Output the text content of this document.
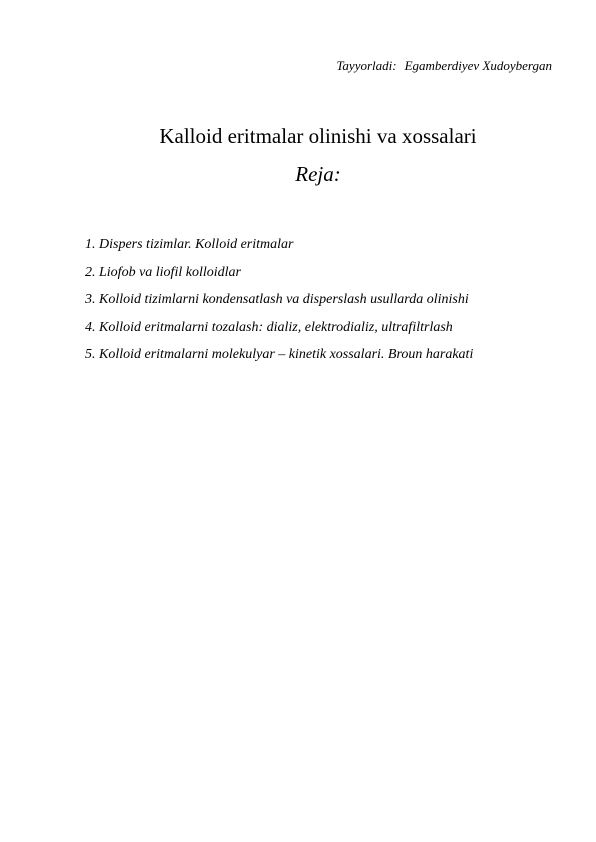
Tayyorladi: Egamberdiyev Xudoybergan
Kalloid eritmalar olinishi va xossalari
Reja:
1. Dispers tizimlar. Kolloid eritmalar
2. Liofob va liofil kolloidlar
3. Kolloid tizimlarni kondensatlash va disperslash usullarda olinishi
4. Kolloid eritmalarni tozalash: dializ, elektrodializ, ultrafiltrlash
5. Kolloid eritmalarni molekulyar – kinetik xossalari. Broun harakati
